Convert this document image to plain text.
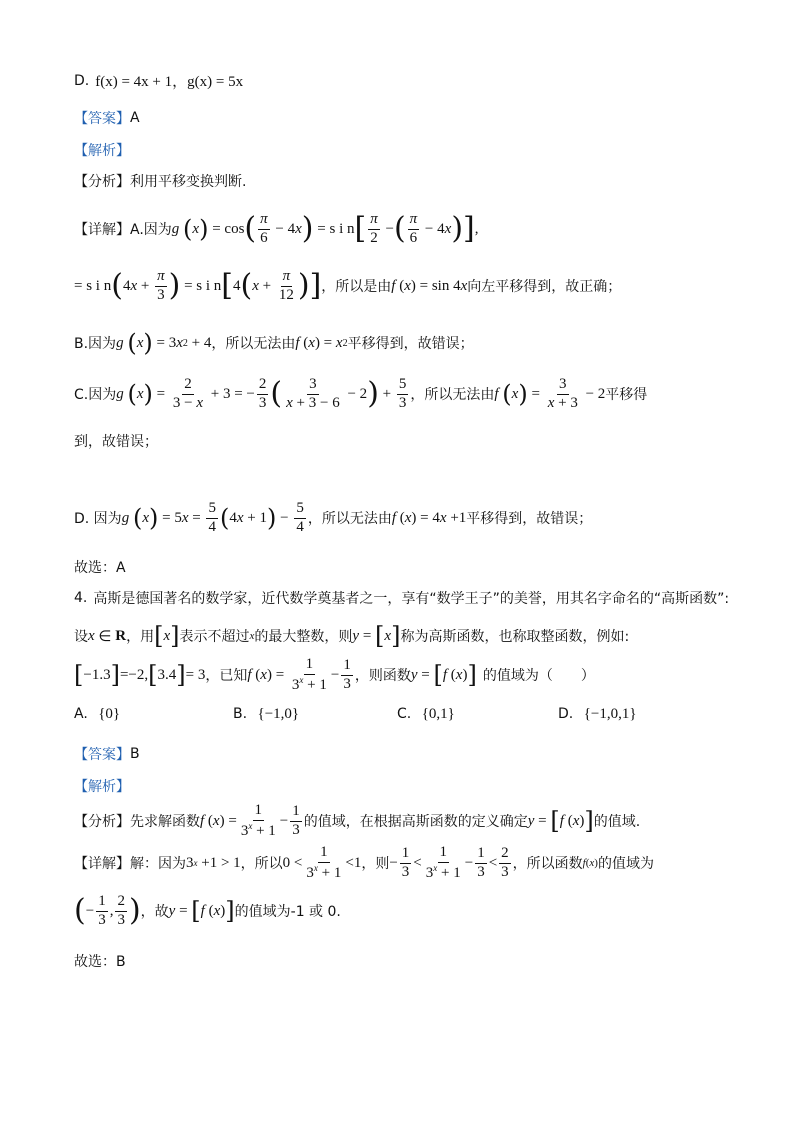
D. f(x) = 4x + 1，g(x) = 5x
【答案】 A
【解析】
【分析】 利用平移变换判断.
【详解】 A.因为 g
( x ) = cos ( $\frac{\pi}{6} - 4$ x ) = s i n [ $\frac{\pi}{2}$ − ( $\frac{\pi}{6} - 4$ x ) ] ,
= s i n ( 4 $x + \frac{\pi}{3}$ ) = s i n [ 4 ( $x + \frac{\pi}{12}$ ) ] ，所以是由 f ( x ) = sin 4 x 向左平移得到，故正确；
B.因为 g
( x ) = 3 x 2 + 4 ，所以无法由 f ( x ) = x 2 平移得到，故错误；
C.因为 g
( x ) = $\frac{2}{3 - x} + 3$ = − $\frac{2}{3}$ ( $\frac{3}{x + 3 - 6} - 2$ ) + $\frac{5}{3}$ ，所以无法由 f
( x ) = $\frac{3}{x + 3} - 2$ 平移得
到，故错误；
D. 因为 g
( x ) = 5 $x = \frac{5}{4}$ ( 4 x + 1 ) − $\frac{5}{4}$ ，所以无法由 f ( x ) = 4 x +1 平移得到，故错误；
故选：A
4. 高斯是德国著名的数学家，近代数学奠基者之一，享有“数学王子”的美誉，用其名字命名的“高斯函数”:
设 x ∈ R ，用 [ x ] 表示不超过 x 的最大整数，则 y = [ x ] 称为高斯函数，也称取整函数，例如:
[ −1.3 ] =−2, [ 3.4 ] = 3 ，已知 f ( x ) = $\frac{1}{3^x + 1} - \frac{1}{3}$ ，则函数 y = [ f ( x ) ] 的值域为（　　）
A. {0}	B. {−1,0}	C. {0,1}	D. {−1,0,1}
【答案】 B
【解析】
【分析】 先求解函数 f ( x ) = $\frac{1}{3^x + 1} - \frac{1}{3}$ 的值域，在根据高斯函数的定义确定 y = [ f ( x ) ] 的值域.
【详解】 解：因为 3 x +1 > 1 ，所以 $0 < \frac{1}{3^x + 1} <1$ ，则 − $\frac{1}{3} < \frac{1}{3^x + 1} - \frac{1}{3} < \frac{2}{3}$ ，所以函数 f ( x ) 的值域为
( − $\frac{1}{3}$ , $\frac{2}{3}$ ) ，故 y = [ f ( x ) ] 的值域为-1 或 0.
故选：B
